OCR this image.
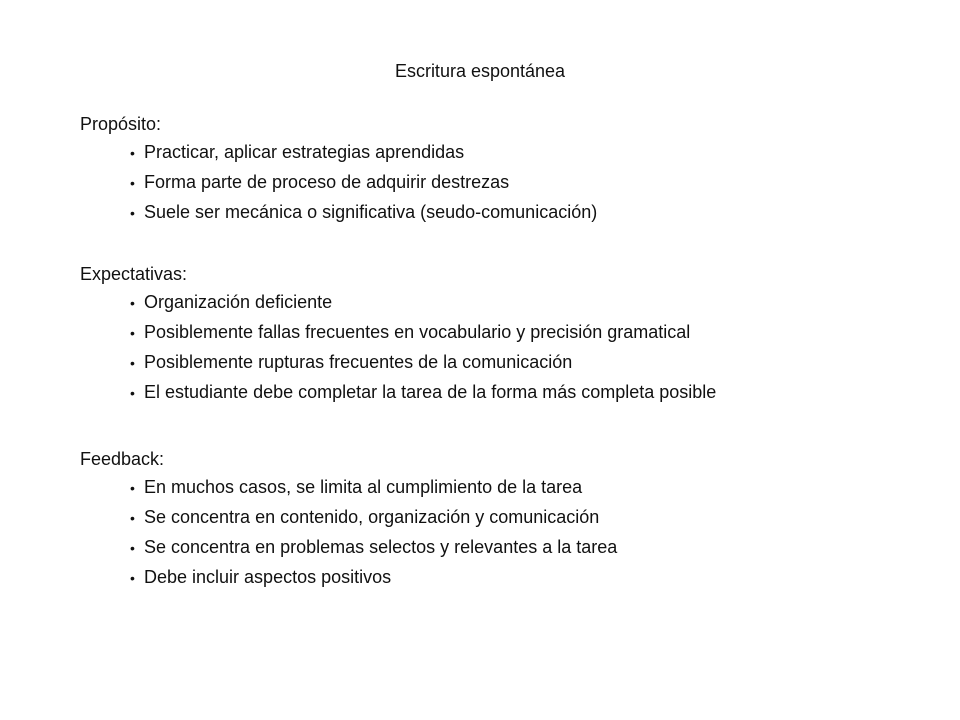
Escritura espontánea

Propósito:

• Practicar, aplicar estrategias aprendidas
• Forma parte de proceso de adquirir destrezas
• Suele ser mecánica o significativa (seudo-comunicación)

Expectativas:

• Organización deficiente
• Posiblemente fallas frecuentes en vocabulario y precisión gramatical
• Posiblemente rupturas frecuentes de la comunicación
• El estudiante debe completar la tarea de la forma más completa posible

Feedback:

• En muchos casos, se limita al cumplimiento de la tarea
• Se concentra en contenido, organización y comunicación
• Se concentra en problemas selectos y relevantes a la tarea
• Debe incluir aspectos positivos
